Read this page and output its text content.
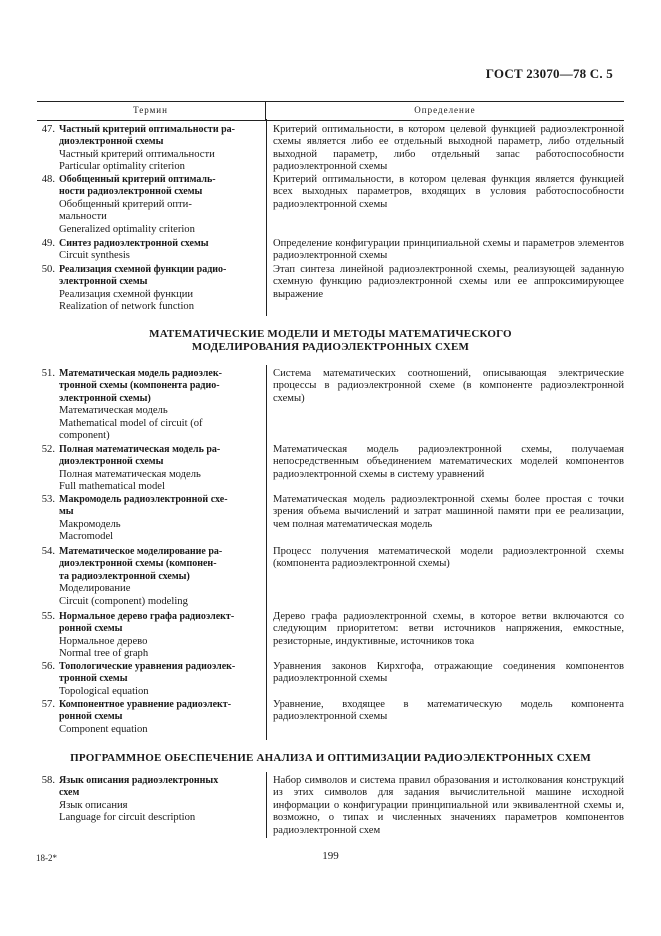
ГОСТ 23070—78 С. 5
Термин	Определение
47. Частный критерий оптимальности ра-
диоэлектронной схемы
Частный критерий оптимальности
Particular optimality criterion
Критерий оптимальности, в котором целевой функцией радиоэлектронной схемы является либо ее отдельный выходной параметр, либо отдельный выходной параметр, либо отдельный запас работоспособности радиоэлектронной схемы
48. Обобщенный критерий оптималь-
ности радиоэлектронной схемы
Обобщенный критерий опти-
мальности
Generalized optimality criterion
Критерий оптимальности, в котором целевая функция является функцией всех выходных параметров, входящих в условия работоспособности радиоэлектронной схемы
49. Синтез радиоэлектронной схемы
Circuit synthesis
Определение конфигурации принципиальной схемы и параметров элементов радиоэлектронной схемы
50. Реализация схемной функции радио-
электронной схемы
Реализация схемной функции
Realization of network function
Этап синтеза линейной радиоэлектронной схемы, реализующей заданную схемную функцию радиоэлектронной схемы или ее аппроксимирующее выражение
МАТЕМАТИЧЕСКИЕ МОДЕЛИ И МЕТОДЫ МАТЕМАТИЧЕСКОГО
МОДЕЛИРОВАНИЯ РАДИОЭЛЕКТРОННЫХ СХЕМ
51. Математическая модель радиоэлек-
тронной схемы (компонента радио-
электронной схемы)
Математическая модель
Mathematical model of circuit (of
component)
Система математических соотношений, описывающая электрические процессы в радиоэлектронной схеме (в компоненте радиоэлектронной схемы)
52. Полная математическая модель ра-
диоэлектронной схемы
Полная математическая модель
Full mathematical model
Математическая модель радиоэлектронной схемы, получаемая непосредственным объединением математических моделей компонентов радиоэлектронной схемы в систему уравнений
53. Макромодель радиоэлектронной схе-
мы
Макромодель
Macromodel
Математическая модель радиоэлектронной схемы более простая с точки зрения объема вычислений и затрат машинной памяти при ее реализации, чем полная математическая модель
54. Математическое моделирование ра-
диоэлектронной схемы (компонен-
та радиоэлектронной схемы)
Моделирование
Circuit (component) modeling
Процесс получения математической модели радиоэлектронной схемы (компонента радиоэлектронной схемы)
55. Нормальное дерево графа радиоэлект-
ронной схемы
Нормальное дерево
Normal tree of graph
Дерево графа радиоэлектронной схемы, в которое ветви включаются со следующим приоритетом: ветви источников напряжения, емкостные, резисторные, индуктивные, источников тока
56. Топологические уравнения радиоэлек-
тронной схемы
Topological equation
Уравнения законов Кирхгофа, отражающие соединения компонентов радиоэлектронной схемы
57. Компонентное уравнение радиоэлект-
ронной схемы
Component equation
Уравнение, входящее в математическую модель компонента радиоэлектронной схемы
ПРОГРАММНОЕ ОБЕСПЕЧЕНИЕ АНАЛИЗА И ОПТИМИЗАЦИИ РАДИОЭЛЕКТРОННЫХ СХЕМ
58. Язык описания радиоэлектронных
схем
Язык описания
Language for circuit description
Набор символов и система правил образования и истолкования конструкций из этих символов для задания вычислительной машине исходной информации о конфигурации принципиальной или эквивалентной схемы и, возможно, о типах и численных значениях параметров компонентов радиоэлектронной схем
18-2*	199
